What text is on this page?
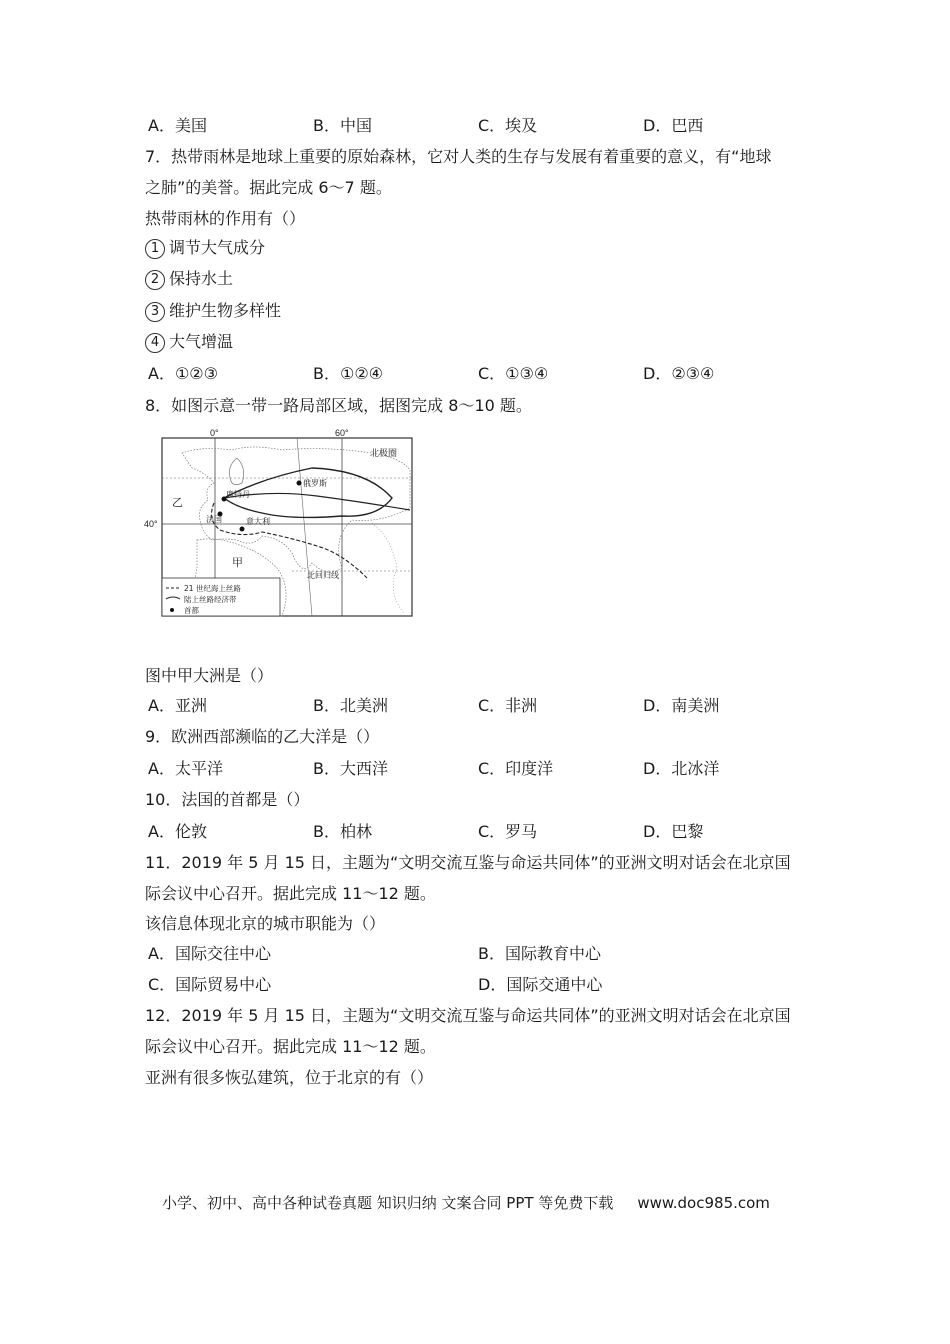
A．美国	B．中国	C．埃及	D．巴西
7．热带雨林是地球上重要的原始森林，它对人类的生存与发展有着重要的意义，有“地球
之肺”的美誉。据此完成 6～7 题。
热带雨林的作用有（）
1 调节大气成分
2 保持水土
3 维护生物多样性
4 大气增温
A．①②③	B．①②④	C．①③④	D．②③④
8．如图示意一带一路局部区域，据图完成 8～10 题。
0°	60°
40°
北极圈
乙
鹿特丹
俄罗斯
法国	意大利
甲
北回归线
21 世纪海上丝路
陆上丝路经济带
首都
图中甲大洲是（）
A．亚洲	B．北美洲	C．非洲	D．南美洲
9．欧洲西部濒临的乙大洋是（）
A．太平洋	B．大西洋	C．印度洋	D．北冰洋
10．法国的首都是（）
A．伦敦	B．柏林	C．罗马	D．巴黎
11．2019 年 5 月 15 日，主题为“文明交流互鉴与命运共同体”的亚洲文明对话会在北京国
际会议中心召开。据此完成 11～12 题。
该信息体现北京的城市职能为（）
A．国际交往中心	B．国际教育中心
C．国际贸易中心	D．国际交通中心
12．2019 年 5 月 15 日，主题为“文明交流互鉴与命运共同体”的亚洲文明对话会在北京国
际会议中心召开。据此完成 11～12 题。
亚洲有很多恢弘建筑，位于北京的有（）
小学、初中、高中各种试卷真题 知识归纳 文案合同 PPT 等免费下载 www.doc985.com
